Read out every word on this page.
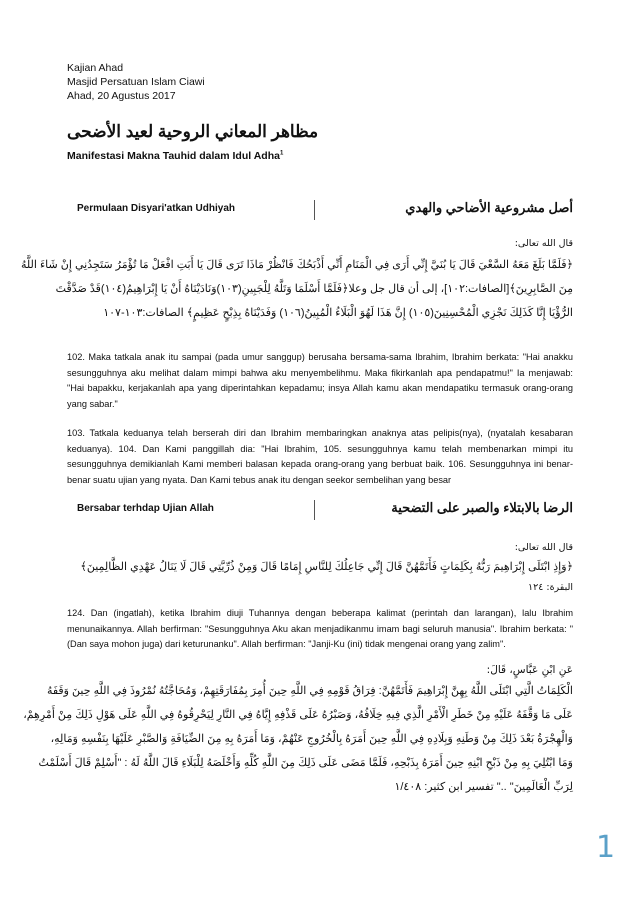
Kajian Ahad
Masjid Persatuan Islam Ciawi
Ahad, 20 Agustus 2017
مظاهر المعاني الروحية لعيد الأضحى
Manifestasi Makna Tauhid dalam Idul Adha$^1$
Permulaan Disyari'atkan Udhiyah	أصل مشروعية الأضاحي والهدي
قال الله تعالى:
﴿فَلَمَّا بَلَغَ مَعَهُ السَّعْيَ قَالَ يَا بُنَيَّ إِنِّي أَرَى فِي الْمَنَامِ أَنِّي أَذْبَحُكَ فَانْظُرْ مَاذَا تَرَى قَالَ يَا أَبَتِ افْعَلْ مَا تُؤْمَرُ سَتَجِدُنِي إِنْ شَاءَ اللَّهُ
مِنَ الصَّابِرِينَ﴾[الصافات:١٠٢]، إلى أن قال جل وعلا﴿فَلَمَّا أَسْلَمَا وَتَلَّهُ لِلْجَبِينِ(١٠٣)وَنَادَيْنَاهُ أَنْ يَا إِبْرَاهِيمُ(١٠٤)قَدْ صَدَّقْتَ
الرُّؤْيَا إِنَّا كَذَلِكَ نَجْزِي الْمُحْسِنِينَ(١٠٥) إِنَّ هَذَا لَهُوَ الْبَلَاءُ الْمُبِينُ(١٠٦) وَفَدَيْنَاهُ بِذِبْحٍ عَظِيمٍ﴾ الصافات:١٠٣-١٠٧
102. Maka tatkala anak itu sampai (pada umur sanggup) berusaha bersama-sama Ibrahim, Ibrahim berkata: "Hai anakku sesungguhnya aku melihat dalam mimpi bahwa aku menyembelihmu. Maka fikirkanlah apa pendapatmu!" Ia menjawab: "Hai bapakku, kerjakanlah apa yang diperintahkan kepadamu; insya Allah kamu akan mendapatiku termasuk orang-orang yang sabar."
103. Tatkala keduanya telah berserah diri dan Ibrahim membaringkan anaknya atas pelipis(nya), (nyatalah kesabaran keduanya). 104. Dan Kami panggillah dia: "Hai Ibrahim, 105. sesungguhnya kamu telah membenarkan mimpi itu sesungguhnya demikianlah Kami memberi balasan kepada orang-orang yang berbuat baik. 106. Sesungguhnya ini benar-benar suatu ujian yang nyata. Dan Kami tebus anak itu dengan seekor sembelihan yang besar
Bersabar terhdap Ujian Allah	الرضا بالابتلاء والصبر على التضحية
قال الله تعالى:
﴿وَإِذِ ابْتَلَى إِبْرَاهِيمَ رَبُّهُ بِكَلِمَاتٍ فَأَتَمَّهُنَّ قَالَ إِنِّي جَاعِلُكَ لِلنَّاسِ إِمَامًا قَالَ وَمِنْ ذُرِّيَّتِي قَالَ لَا يَنَالُ عَهْدِي الظَّالِمِينَ﴾
البقرة: ١٢٤
124. Dan (ingatlah), ketika Ibrahim diuji Tuhannya dengan beberapa kalimat (perintah dan larangan), lalu Ibrahim menunaikannya. Allah berfirman: "Sesungguhnya Aku akan menjadikanmu imam bagi seluruh manusia". Ibrahim berkata: "(Dan saya mohon juga) dari keturunanku". Allah berfirman: "Janji-Ku (ini) tidak mengenai orang yang zalim".
عَنِ ابْنِ عَبَّاسٍ، قَالَ:
الْكَلِمَاتُ الَّتِي ابْتَلَى اللَّهُ بِهِنَّ إِبْرَاهِيمَ فَأَتَمَّهُنَّ: فِرَاقُ قَوْمِهِ فِي اللَّهِ حِينَ أُمِرَ بِمُفَارَقَتِهِمْ، وَمُحَاجَّتُهُ نُمْرُوذَ فِي اللَّهِ حِينَ وَقَفَهُ
عَلَى مَا وَقَّفَهُ عَلَيْهِ مِنْ خَطَرِ الْأَمْرِ الَّذِي فِيهِ خِلَافُهُ، وَصَبْرُهُ عَلَى قَذْفِهِ إِيَّاهُ فِي النَّارِ لِيَحْرِقُوهُ فِي اللَّهِ عَلَى هَوْلِ ذَلِكَ مِنْ أَمْرِهِمْ،
وَالْهِجْرَةُ بَعْدَ ذَلِكَ مِنْ وَطَنِهِ وَبِلَادِهِ فِي اللَّهِ حِينَ أَمَرَهُ بِالْخُرُوجِ عَنْهُمْ، وَمَا أَمَرَهُ بِهِ مِنَ الضِّيَافَةِ وَالصَّبْرِ عَلَيْهَا بِنَفْسِهِ وَمَالِهِ،
وَمَا ابْتُلِيَ بِهِ مِنْ ذَبْحِ ابْنِهِ حِينَ أَمَرَهُ بِذَبْحِهِ، فَلَمَّا مَضَى عَلَى ذَلِكَ مِنَ اللَّهِ كُلِّهِ وَأَخْلَصَهُ لِلْبَلَاءِ قَالَ اللَّهُ لَهُ : "أَسْلِمْ قَالَ أَسْلَمْتُ
لِرَبِّ الْعَالَمِينَ" .." تفسير ابن كثير: ١/٤٠٨
1
